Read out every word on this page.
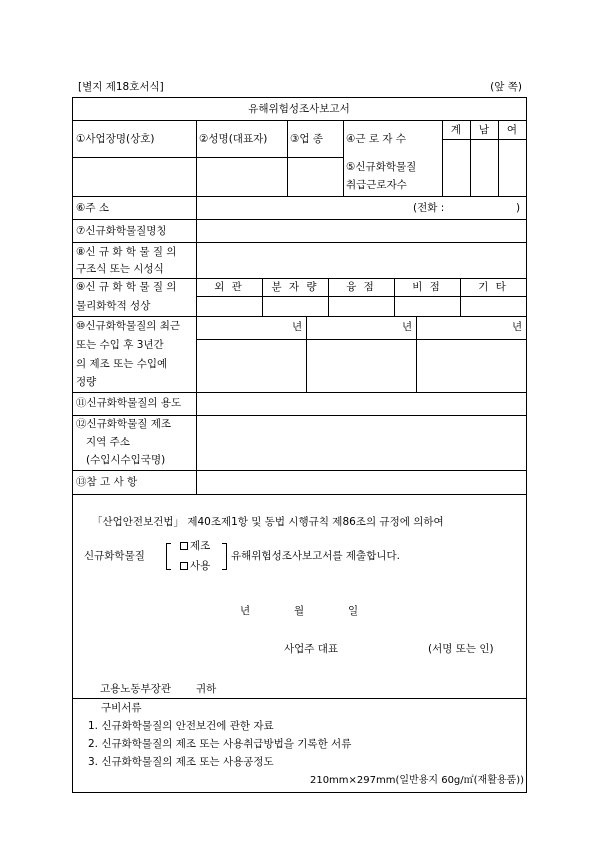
[별지 제18호서식]	(앞 쪽)
유해위험성조사보고서
①사업장명(상호)	②성명(대표자) ③업 종 ④근 로 자 수
계 남 여
⑤신규화학물질
취급근로자수
⑥주 소	(전화 :	)
⑦신규화학물질명칭
⑧신 규 화 학 물 질 의
구조식 또는 시성식
⑨신 규 화 학 물 질 의
물리화학적 성상
외 관	분 자 량	융 점	비 점	기 타
⑩신규화학물질의 최근
또는 수입 후 3년간
의 제조 또는 수입예
정량
년	년	년
⑪신규화학물질의 용도
⑫신규화학물질 제조
지역 주소
(수입시수입국명)
⑬참 고 사 항
「산업안전보건법」 제40조제1항 및 동법 시행규칙 제86조의 규정에 의하여
신규화학물질
제조
사용
유해위험성조사보고서를 제출합니다.
년	월	일
사업주 대표	(서명 또는 인)
고용노동부장관 귀하
구비서류
1. 신규화학물질의 안전보건에 관한 자료
2. 신규화학물질의 제조 또는 사용취급방법을 기록한 서류
3. 신규화학물질의 제조 또는 사용공정도
210mm×297mm(일반용지 60g/㎡(재활용품))
